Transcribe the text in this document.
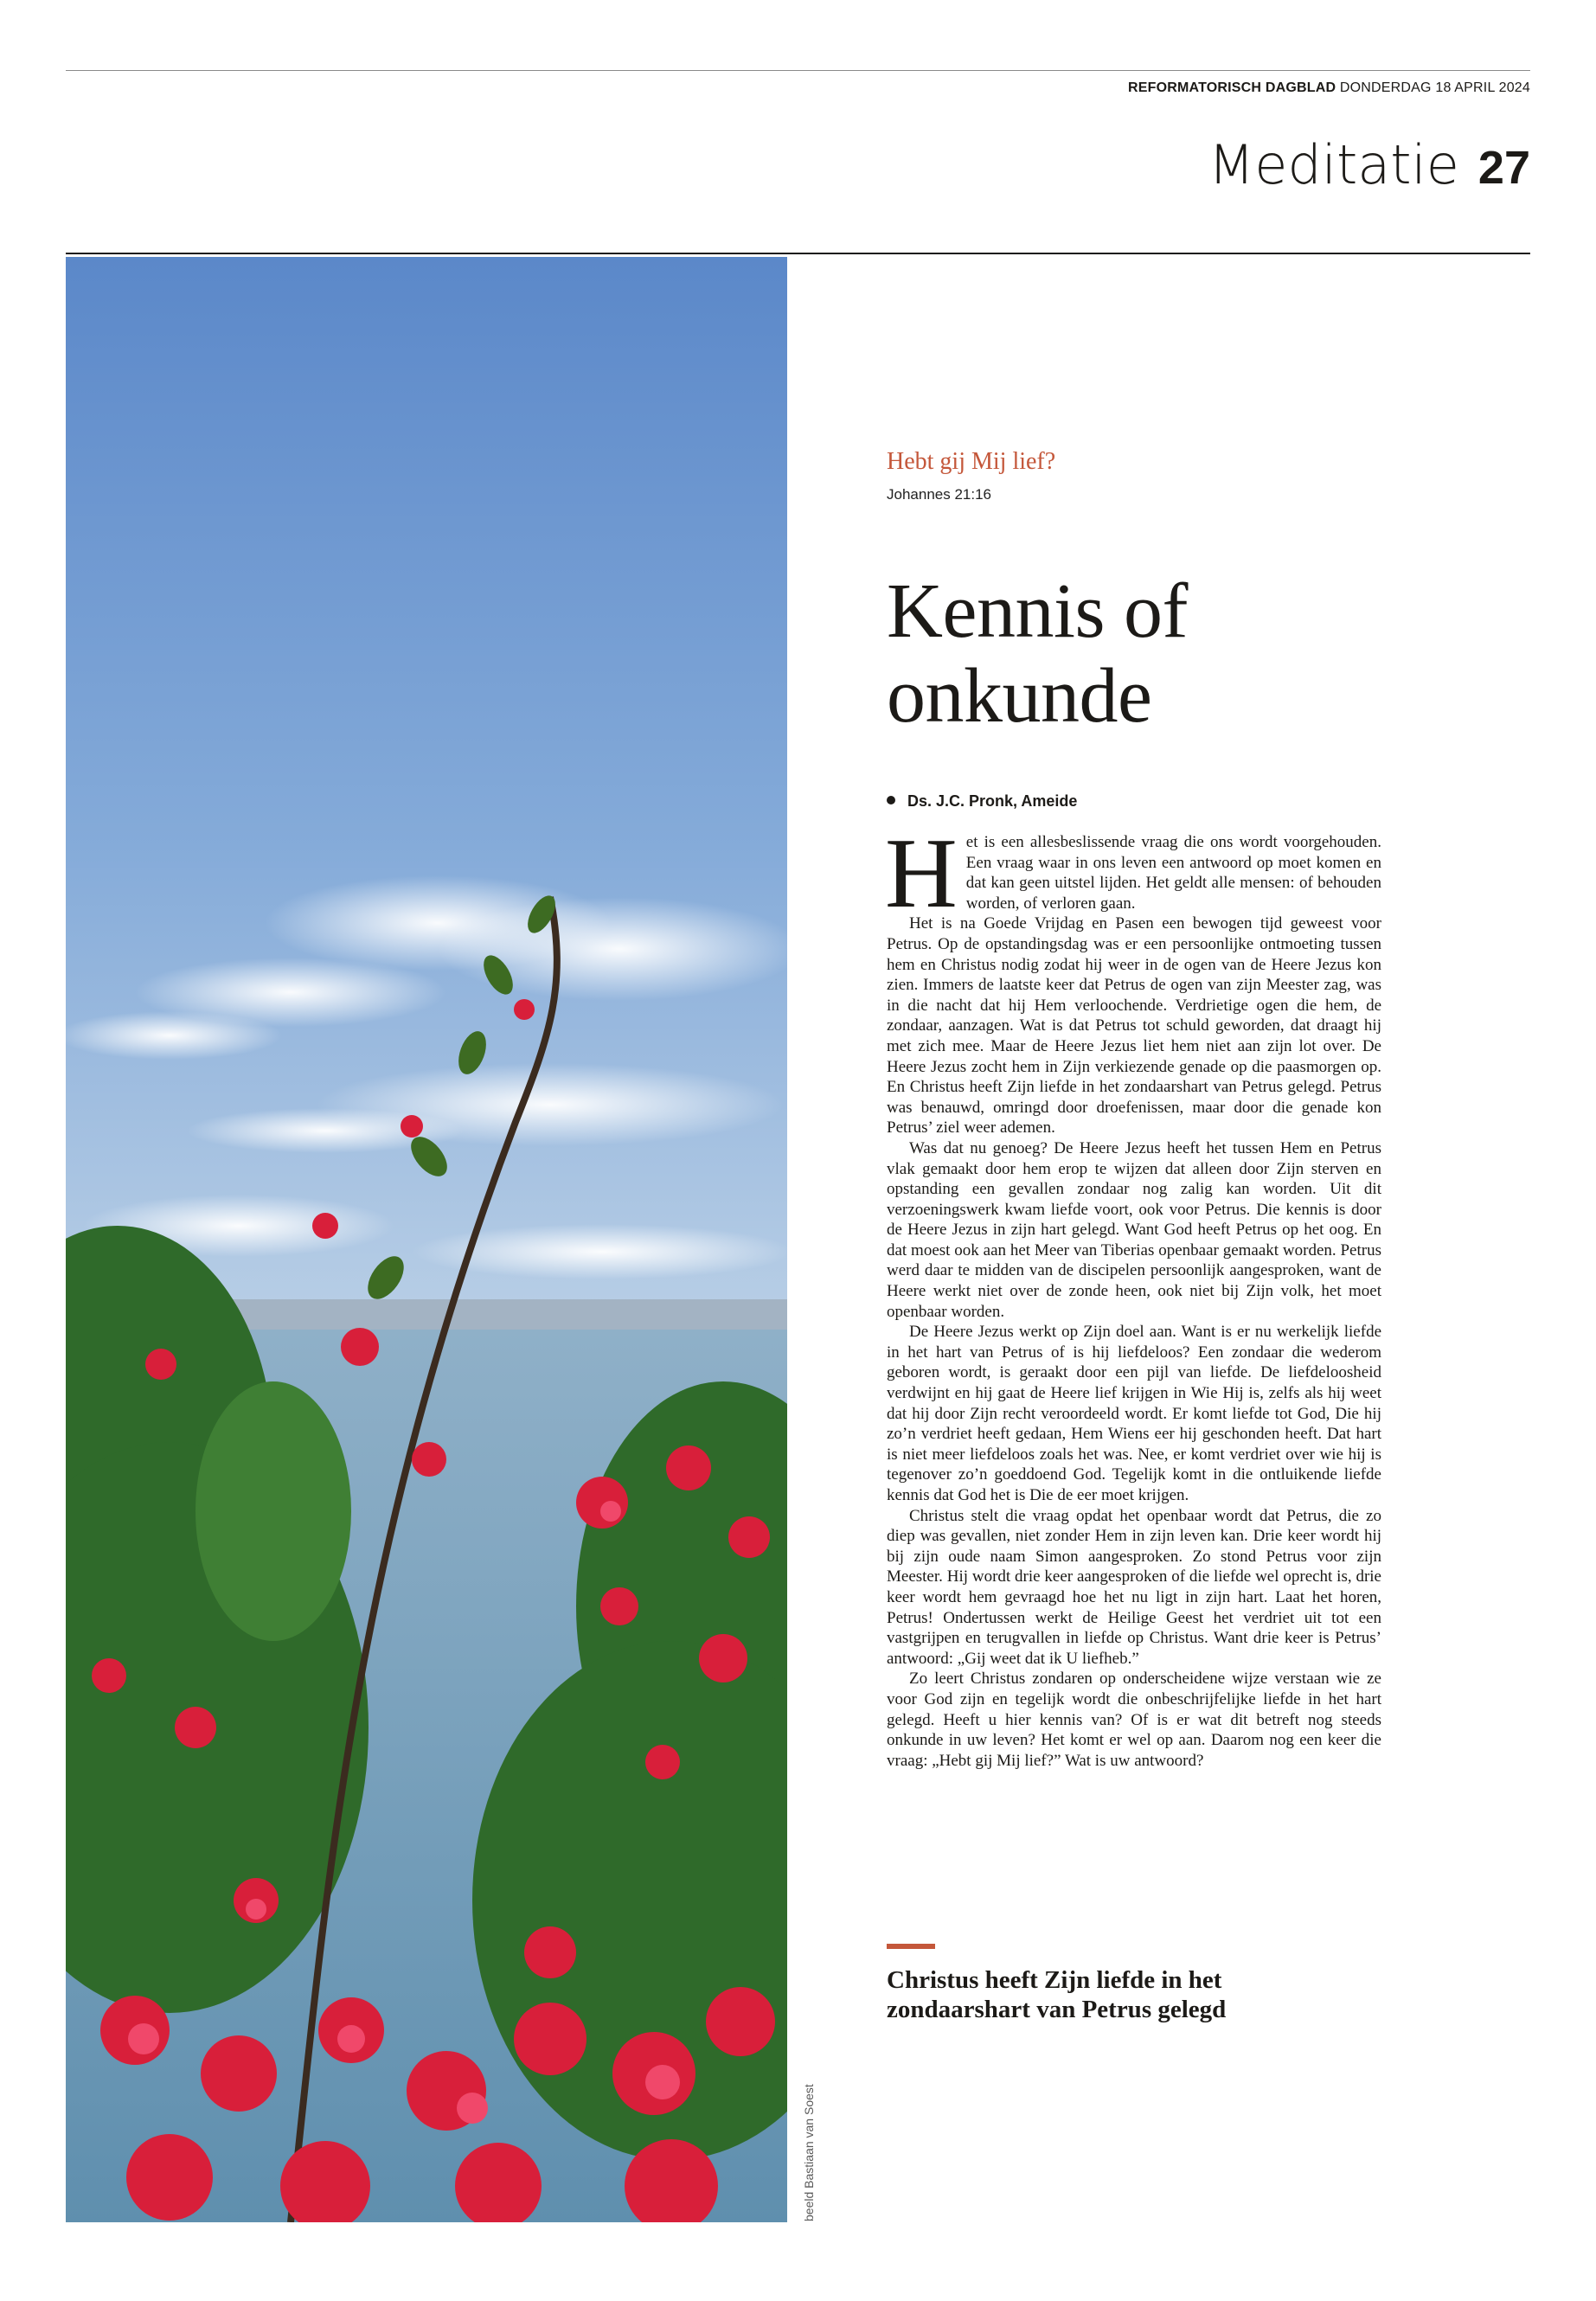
REFORMATORISCH DAGBLAD DONDERDAG 18 APRIL 2024
Meditatie 27
beeld Bastiaan van Soest
Hebt gij Mij lief?
Johannes 21:16
Kennis of
onkunde
Ds. J.C. Pronk, Ameide

Het is een allesbeslissende vraag die ons wordt voorgehouden. Een vraag waar in ons leven een antwoord op moet komen en dat kan geen uitstel lijden. Het geldt alle mensen: of behouden worden, of verloren gaan.

Het is na Goede Vrijdag en Pasen een bewogen tijd geweest voor Petrus. Op de opstandingsdag was er een persoonlijke ontmoeting tussen hem en Christus nodig zodat hij weer in de ogen van de Heere Jezus kon zien. Immers de laatste keer dat Petrus de ogen van zijn Meester zag, was in die nacht dat hij Hem verloochende. Verdrietige ogen die hem, de zondaar, aanzagen. Wat is dat Petrus tot schuld geworden, dat draagt hij met zich mee. Maar de Heere Jezus liet hem niet aan zijn lot over. De Heere Jezus zocht hem in Zijn verkiezende genade op die paasmorgen op. En Christus heeft Zijn liefde in het zondaarshart van Petrus gelegd. Petrus was benauwd, omringd door droefenissen, maar door die genade kon Petrus’ ziel weer ademen.

Was dat nu genoeg? De Heere Jezus heeft het tussen Hem en Petrus vlak gemaakt door hem erop te wijzen dat alleen door Zijn sterven en opstanding een gevallen zondaar nog zalig kan worden. Uit dit verzoeningswerk kwam liefde voort, ook voor Petrus. Die kennis is door de Heere Jezus in zijn hart gelegd. Want God heeft Petrus op het oog. En dat moest ook aan het Meer van Tiberias openbaar gemaakt worden. Petrus werd daar te midden van de discipelen persoonlijk aangesproken, want de Heere werkt niet over de zonde heen, ook niet bij Zijn volk, het moet openbaar worden.

De Heere Jezus werkt op Zijn doel aan. Want is er nu werkelijk liefde in het hart van Petrus of is hij liefdeloos? Een zondaar die wederom geboren wordt, is geraakt door een pijl van liefde. De liefdeloosheid verdwijnt en hij gaat de Heere lief krijgen in Wie Hij is, zelfs als hij weet dat hij door Zijn recht veroordeeld wordt. Er komt liefde tot God, Die hij zo’n verdriet heeft gedaan, Hem Wiens eer hij geschonden heeft. Dat hart is niet meer liefdeloos zoals het was. Nee, er komt verdriet over wie hij is tegenover zo’n goeddoend God. Tegelijk komt in die ontluikende liefde kennis dat God het is Die de eer moet krijgen.

Christus stelt die vraag opdat het openbaar wordt dat Petrus, die zo diep was gevallen, niet zonder Hem in zijn leven kan. Drie keer wordt hij bij zijn oude naam Simon aangesproken. Zo stond Petrus voor zijn Meester. Hij wordt drie keer aangesproken of die liefde wel oprecht is, drie keer wordt hem gevraagd hoe het nu ligt in zijn hart. Laat het horen, Petrus! Ondertussen werkt de Heilige Geest het verdriet uit tot een vastgrijpen en terugvallen in liefde op Christus. Want drie keer is Petrus’ antwoord: „Gij weet dat ik U liefheb.”

Zo leert Christus zondaren op onderscheidene wijze verstaan wie ze voor God zijn en tegelijk wordt die onbeschrijfelijke liefde in het hart gelegd. Heeft u hier kennis van? Of is er wat dit betreft nog steeds onkunde in uw leven? Het komt er wel op aan. Daarom nog een keer die vraag: „Hebt gij Mij lief?” Wat is uw antwoord?

Christus heeft Zijn liefde in het zondaarshart van Petrus gelegd
